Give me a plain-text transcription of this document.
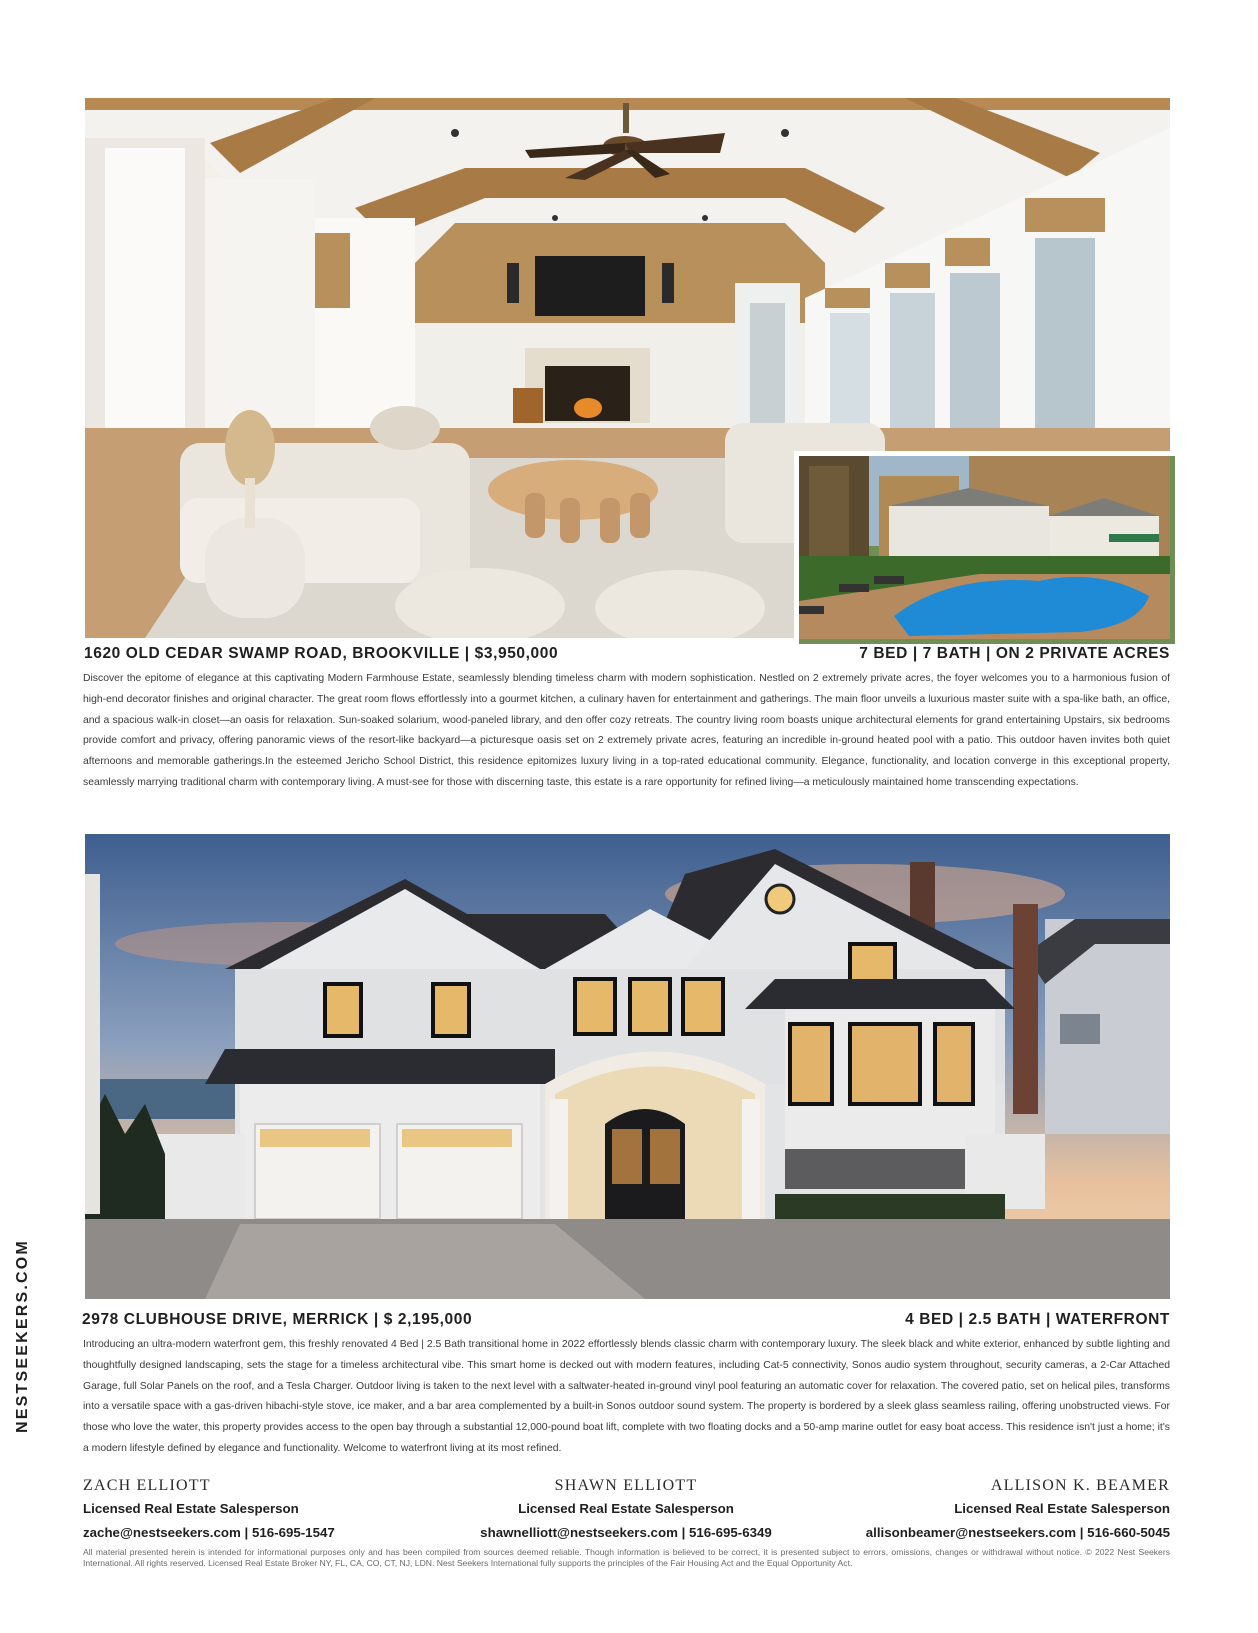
1620 OLD CEDAR SWAMP ROAD, BROOKVILLE | $3,950,000	7 BED | 7 BATH | ON 2 PRIVATE ACRES
Discover the epitome of elegance at this captivating Modern Farmhouse Estate, seamlessly blending timeless charm with modern sophistication. Nestled on 2 extremely private acres, the foyer welcomes you to a harmonious fusion of high-end decorator finishes and original character. The great room flows effortlessly into a gourmet kitchen, a culinary haven for entertainment and gatherings. The main floor unveils a luxurious master suite with a spa-like bath, an office, and a spacious walk-in closet—an oasis for relaxation. Sun-soaked solarium, wood-paneled library, and den offer cozy retreats. The country living room boasts unique architectural elements for grand entertaining Upstairs, six bedrooms provide comfort and privacy, offering panoramic views of the resort-like backyard—a picturesque oasis set on 2 extremely private acres, featuring an incredible in-ground heated pool with a patio. This outdoor haven invites both quiet afternoons and memorable gatherings.In the esteemed Jericho School District, this residence epitomizes luxury living in a top-rated educational community. Elegance, functionality, and location converge in this exceptional property, seamlessly marrying traditional charm with contemporary living. A must-see for those with discerning taste, this estate is a rare opportunity for refined living—a meticulously maintained home transcending expectations.
2978 CLUBHOUSE DRIVE, MERRICK | $ 2,195,000	4 BED | 2.5 BATH | WATERFRONT
Introducing an ultra-modern waterfront gem, this freshly renovated 4 Bed | 2.5 Bath transitional home in 2022 effortlessly blends classic charm with contemporary luxury. The sleek black and white exterior, enhanced by subtle lighting and thoughtfully designed landscaping, sets the stage for a timeless architectural vibe. This smart home is decked out with modern features, including Cat-5 connectivity, Sonos audio system throughout, security cameras, a 2-Car Attached Garage, full Solar Panels on the roof, and a Tesla Charger. Outdoor living is taken to the next level with a saltwater-heated in-ground vinyl pool featuring an automatic cover for relaxation. The covered patio, set on helical piles, transforms into a versatile space with a gas-driven hibachi-style stove, ice maker, and a bar area complemented by a built-in Sonos outdoor sound system. The property is bordered by a sleek glass seamless railing, offering unobstructed views. For those who love the water, this property provides access to the open bay through a substantial 12,000-pound boat lift, complete with two floating docks and a 50-amp marine outlet for easy boat access. This residence isn't just a home; it's a modern lifestyle defined by elegance and functionality. Welcome to waterfront living at its most refined.
ZACH ELLIOTT
Licensed Real Estate Salesperson
zache@nestseekers.com | 516-695-1547
SHAWN ELLIOTT
Licensed Real Estate Salesperson
shawnelliott@nestseekers.com | 516-695-6349
ALLISON K. BEAMER
Licensed Real Estate Salesperson
allisonbeamer@nestseekers.com | 516-660-5045
All material presented herein is intended for informational purposes only and has been compiled from sources deemed reliable. Though information is believed to be correct, it is presented subject to errors, omissions, changes or withdrawal without notice. © 2022 Nest Seekers International. All rights reserved. Licensed Real Estate Broker NY, FL, CA, CO, CT, NJ, LDN. Nest Seekers International fully supports the principles of the Fair Housing Act and the Equal Opportunity Act.
NESTSEEKERS.COM
